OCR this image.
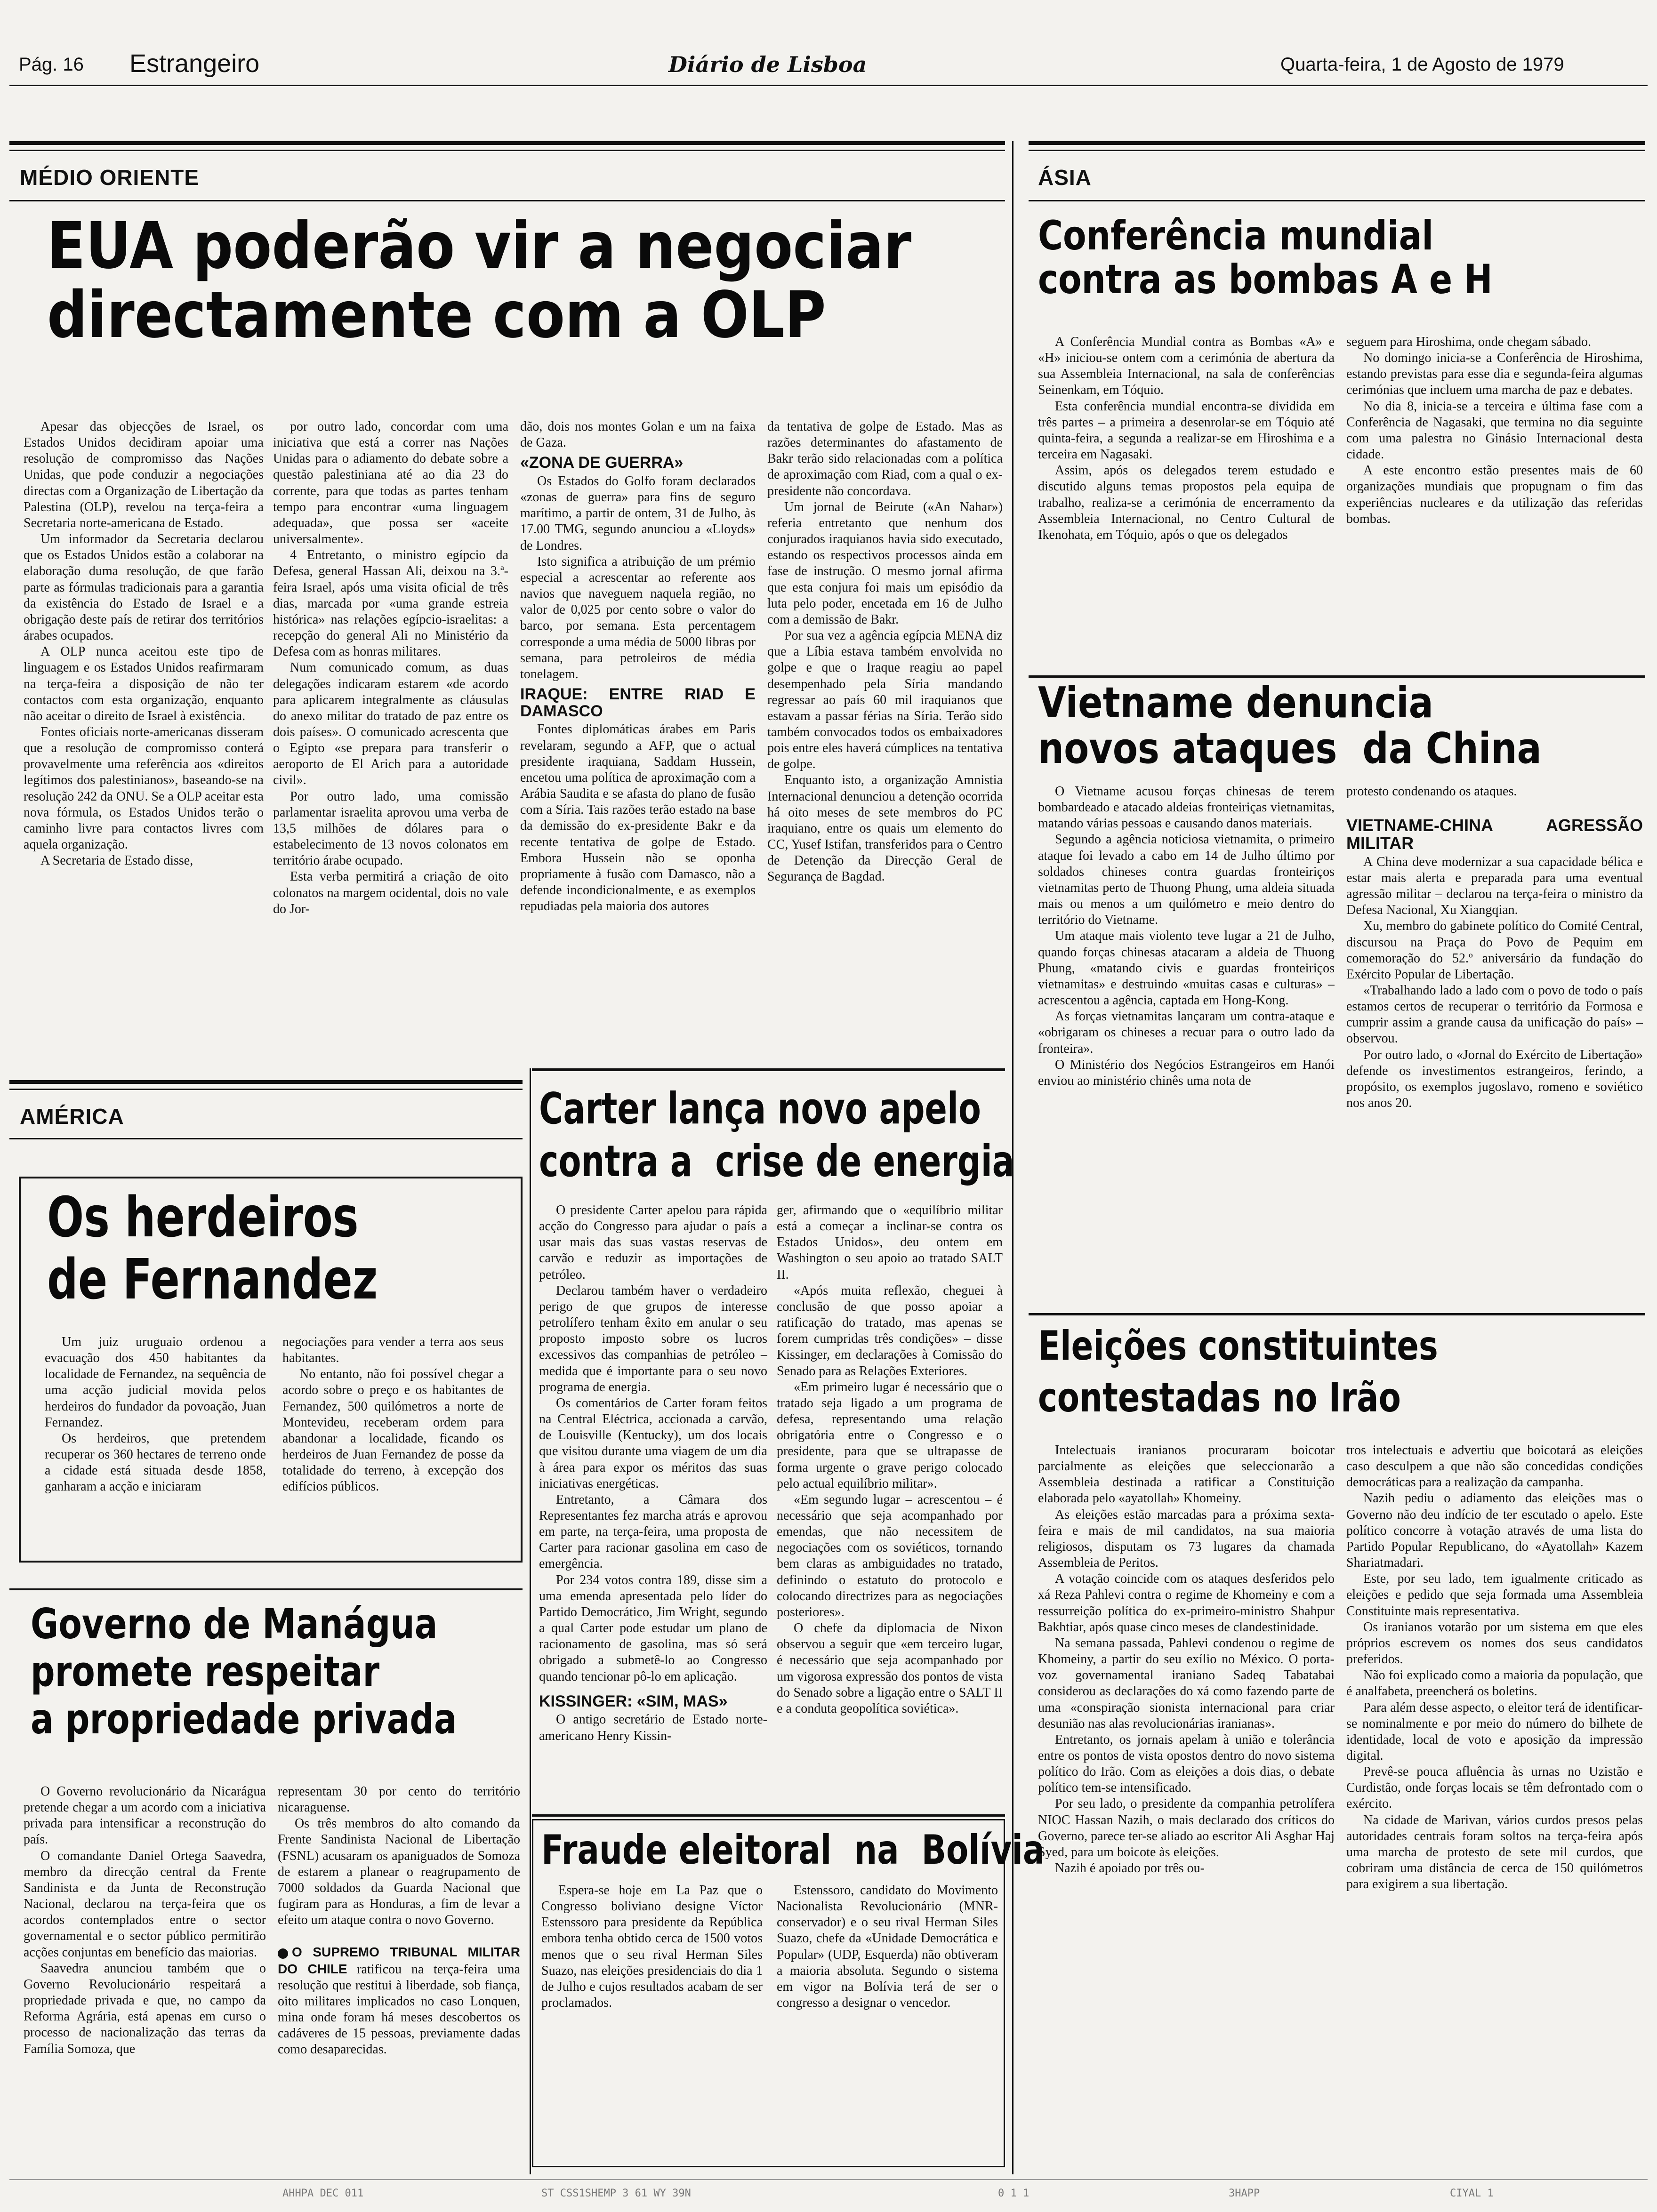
Pág. 16 Estrangeiro	Diário de Lisboa	Quarta-feira, 1 de Agosto de 1979
MÉDIO ORIENTE
EUA poderão vir a negociar
directamente com a OLP

Apesar das objecções de Israel, os Estados Unidos decidiram apoiar uma resolução de compromisso das Nações Unidas, que pode conduzir a negociações directas com a Organização de Libertação da Palestina (OLP), revelou na terça-feira a Secretaria norte-americana de Estado.

Um informador da Secretaria declarou que os Estados Unidos estão a colaborar na elaboração duma resolução, de que farão parte as fórmulas tradicionais para a garantia da existência do Estado de Israel e a obrigação deste país de retirar dos territórios árabes ocupados.

A OLP nunca aceitou este tipo de linguagem e os Estados Unidos reafirmaram na terça-feira a disposição de não ter contactos com esta organização, enquanto não aceitar o direito de Israel à existência.

Fontes oficiais norte-americanas disseram que a resolução de compromisso conterá provavelmente uma referência aos «direitos legítimos dos palestinianos», baseando-se na resolução 242 da ONU. Se a OLP aceitar esta nova fórmula, os Estados Unidos terão o caminho livre para contactos livres com aquela organização.

A Secretaria de Estado disse,

por outro lado, concordar com uma iniciativa que está a correr nas Nações Unidas para o adiamento do debate sobre a questão palestiniana até ao dia 23 do corrente, para que todas as partes tenham tempo para encontrar «uma linguagem adequada», que possa ser «aceite universalmente».

4 Entretanto, o ministro egípcio da Defesa, general Hassan Ali, deixou na 3.ª-feira Israel, após uma visita oficial de três dias, marcada por «uma grande estreia histórica» nas relações egípcio-israelitas: a recepção do general Ali no Ministério da Defesa com as honras militares.

Num comunicado comum, as duas delegações indicaram estarem «de acordo para aplicarem integralmente as cláusulas do anexo militar do tratado de paz entre os dois países». O comunicado acrescenta que o Egipto «se prepara para transferir o aeroporto de El Arich para a autoridade civil».

Por outro lado, uma comissão parlamentar israelita aprovou uma verba de 13,5 milhões de dólares para o estabelecimento de 13 novos colonatos em território árabe ocupado.

Esta verba permitirá a criação de oito colonatos na margem ocidental, dois no vale do Jor-

dão, dois nos montes Golan e um na faixa de Gaza.

«ZONA DE GUERRA»

Os Estados do Golfo foram declarados «zonas de guerra» para fins de seguro marítimo, a partir de ontem, 31 de Julho, às 17.00 TMG, segundo anunciou a «Lloyds» de Londres.

Isto significa a atribuição de um prémio especial a acrescentar ao referente aos navios que naveguem naquela região, no valor de 0,025 por cento sobre o valor do barco, por semana. Esta percentagem corresponde a uma média de 5000 libras por semana, para petroleiros de média tonelagem.

IRAQUE: ENTRE RIAD E DAMASCO

Fontes diplomáticas árabes em Paris revelaram, segundo a AFP, que o actual presidente iraquiana, Saddam Hussein, encetou uma política de aproximação com a Arábia Saudita e se afasta do plano de fusão com a Síria. Tais razões terão estado na base da demissão do ex-presidente Bakr e da recente tentativa de golpe de Estado. Embora Hussein não se oponha propriamente à fusão com Damasco, não a defende incondicionalmente, e as exemplos repudiadas pela maioria dos autores

da tentativa de golpe de Estado. Mas as razões determinantes do afastamento de Bakr terão sido relacionadas com a política de aproximação com Riad, com a qual o ex-presidente não concordava.

Um jornal de Beirute («An Nahar») referia entretanto que nenhum dos conjurados iraquianos havia sido executado, estando os respectivos processos ainda em fase de instrução. O mesmo jornal afirma que esta conjura foi mais um episódio da luta pelo poder, encetada em 16 de Julho com a demissão de Bakr.

Por sua vez a agência egípcia MENA diz que a Líbia estava também envolvida no golpe e que o Iraque reagiu ao papel desempenhado pela Síria mandando regressar ao país 60 mil iraquianos que estavam a passar férias na Síria. Terão sido também convocados todos os embaixadores pois entre eles haverá cúmplices na tentativa de golpe.

Enquanto isto, a organização Amnistia Internacional denunciou a detenção ocorrida há oito meses de sete membros do PC iraquiano, entre os quais um elemento do CC, Yusef Istifan, transferidos para o Centro de Detenção da Direcção Geral de Segurança de Bagdad.

ÁSIA
Conferência mundial
contra as bombas A e H

A Conferência Mundial contra as Bombas «A» e «H» iniciou-se ontem com a cerimónia de abertura da sua Assembleia Internacional, na sala de conferências Seinenkam, em Tóquio.

Esta conferência mundial encontra-se dividida em três partes – a primeira a desenrolar-se em Tóquio até quinta-feira, a segunda a realizar-se em Hiroshima e a terceira em Nagasaki.

Assim, após os delegados terem estudado e discutido alguns temas propostos pela equipa de trabalho, realiza-se a cerimónia de encerramento da Assembleia Internacional, no Centro Cultural de Ikenohata, em Tóquio, após o que os delegados

seguem para Hiroshima, onde chegam sábado.

No domingo inicia-se a Conferência de Hiroshima, estando previstas para esse dia e segunda-feira algumas cerimónias que incluem uma marcha de paz e debates.

No dia 8, inicia-se a terceira e última fase com a Conferência de Nagasaki, que termina no dia seguinte com uma palestra no Ginásio Internacional desta cidade.

A este encontro estão presentes mais de 60 organizações mundiais que propugnam o fim das experiências nucleares e da utilização das referidas bombas.

Vietname denuncia
novos ataques  da China

O Vietname acusou forças chinesas de terem bombardeado e atacado aldeias fronteiriças vietnamitas, matando várias pessoas e causando danos materiais.

Segundo a agência noticiosa vietnamita, o primeiro ataque foi levado a cabo em 14 de Julho último por soldados chineses contra guardas fronteiriços vietnamitas perto de Thuong Phung, uma aldeia situada mais ou menos a um quilómetro e meio dentro do território do Vietname.

Um ataque mais violento teve lugar a 21 de Julho, quando forças chinesas atacaram a aldeia de Thuong Phung, «matando civis e guardas fronteiriços vietnamitas» e destruindo «muitas casas e culturas» – acrescentou a agência, captada em Hong-Kong.

As forças vietnamitas lançaram um contra-ataque e «obrigaram os chineses a recuar para o outro lado da fronteira».

O Ministério dos Negócios Estrangeiros em Hanói enviou ao ministério chinês uma nota de

protesto condenando os ataques.

VIETNAME-CHINA AGRESSÃO MILITAR

A China deve modernizar a sua capacidade bélica e estar mais alerta e preparada para uma eventual agressão militar – declarou na terça-feira o ministro da Defesa Nacional, Xu Xiangqian.

Xu, membro do gabinete político do Comité Central, discursou na Praça do Povo de Pequim em comemoração do 52.º aniversário da fundação do Exército Popular de Libertação.

«Trabalhando lado a lado com o povo de todo o país estamos certos de recuperar o território da Formosa e cumprir assim a grande causa da unificação do país» – observou.

Por outro lado, o «Jornal do Exército de Libertação» defende os investimentos estrangeiros, ferindo, a propósito, os exemplos jugoslavo, romeno e soviético nos anos 20.

Eleições constituintes
contestadas no Irão

Intelectuais iranianos procuraram boicotar parcialmente as eleições que seleccionarão a Assembleia destinada a ratificar a Constituição elaborada pelo «ayatollah» Khomeiny.

As eleições estão marcadas para a próxima sexta-feira e mais de mil candidatos, na sua maioria religiosos, disputam os 73 lugares da chamada Assembleia de Peritos.

A votação coincide com os ataques desferidos pelo xá Reza Pahlevi contra o regime de Khomeiny e com a ressurreição política do ex-primeiro-ministro Shahpur Bakhtiar, após quase cinco meses de clandestinidade.

Na semana passada, Pahlevi condenou o regime de Khomeiny, a partir do seu exílio no México. O porta-voz governamental iraniano Sadeq Tabatabai considerou as declarações do xá como fazendo parte de uma «conspiração sionista internacional para criar desunião nas alas revolucionárias iranianas».

Entretanto, os jornais apelam à união e tolerância entre os pontos de vista opostos dentro do novo sistema político do Irão. Com as eleições a dois dias, o debate político tem-se intensificado.

Por seu lado, o presidente da companhia petrolífera NIOC Hassan Nazih, o mais declarado dos críticos do Governo, parece ter-se aliado ao escritor Ali Asghar Haj Syed, para um boicote às eleições.

Nazih é apoiado por três ou-

tros intelectuais e advertiu que boicotará as eleições caso desculpem a que não são concedidas condições democráticas para a realização da campanha.

Nazih pediu o adiamento das eleições mas o Governo não deu indício de ter escutado o apelo. Este político concorre à votação através de uma lista do Partido Popular Republicano, do «Ayatollah» Kazem Shariatmadari.

Este, por seu lado, tem igualmente criticado as eleições e pedido que seja formada uma Assembleia Constituinte mais representativa.

Os iranianos votarão por um sistema em que eles próprios escrevem os nomes dos seus candidatos preferidos.

Não foi explicado como a maioria da população, que é analfabeta, preencherá os boletins.

Para além desse aspecto, o eleitor terá de identificar-se nominalmente e por meio do número do bilhete de identidade, local de voto e aposição da impressão digital.

Prevê-se pouca afluência às urnas no Uzistão e Curdistão, onde forças locais se têm defrontado com o exército.

Na cidade de Marivan, vários curdos presos pelas autoridades centrais foram soltos na terça-feira após uma marcha de protesto de sete mil curdos, que cobriram uma distância de cerca de 150 quilómetros para exigirem a sua libertação.

AMÉRICA
Os herdeiros
de Fernandez

Um juiz uruguaio ordenou a evacuação dos 450 habitantes da localidade de Fernandez, na sequência de uma acção judicial movida pelos herdeiros do fundador da povoação, Juan Fernandez.

Os herdeiros, que pretendem recuperar os 360 hectares de terreno onde a cidade está situada desde 1858, ganharam a acção e iniciaram

negociações para vender a terra aos seus habitantes.

No entanto, não foi possível chegar a acordo sobre o preço e os habitantes de Fernandez, 500 quilómetros a norte de Montevideu, receberam ordem para abandonar a localidade, ficando os herdeiros de Juan Fernandez de posse da totalidade do terreno, à excepção dos edifícios públicos.

Governo de Manágua
promete respeitar
a propriedade privada

O Governo revolucionário da Nicarágua pretende chegar a um acordo com a iniciativa privada para intensificar a reconstrução do país.

O comandante Daniel Ortega Saavedra, membro da direcção central da Frente Sandinista e da Junta de Reconstrução Nacional, declarou na terça-feira que os acordos contemplados entre o sector governamental e o sector público permitirão acções conjuntas em benefício das maiorias.

Saavedra anunciou também que o Governo Revolucionário respeitará a propriedade privada e que, no campo da Reforma Agrária, está apenas em curso o processo de nacionalização das terras da Família Somoza, que

representam 30 por cento do território nicaraguense.

Os três membros do alto comando da Frente Sandinista Nacional de Libertação (FSNL) acusaram os apaniguados de Somoza de estarem a planear o reagrupamento de 7000 soldados da Guarda Nacional que fugiram para as Honduras, a fim de levar a efeito um ataque contra o novo Governo.

O SUPREMO TRIBUNAL MILITAR DO CHILE ratificou na terça-feira uma resolução que restitui à liberdade, sob fiança, oito militares implicados no caso Lonquen, mina onde foram há meses descobertos os cadáveres de 15 pessoas, previamente dadas como desaparecidas.

Carter lança novo apelo
contra a  crise de energia

O presidente Carter apelou para rápida acção do Congresso para ajudar o país a usar mais das suas vastas reservas de carvão e reduzir as importações de petróleo.

Declarou também haver o verdadeiro perigo de que grupos de interesse petrolífero tenham êxito em anular o seu proposto imposto sobre os lucros excessivos das companhias de petróleo – medida que é importante para o seu novo programa de energia.

Os comentários de Carter foram feitos na Central Eléctrica, accionada a carvão, de Louisville (Kentucky), um dos locais que visitou durante uma viagem de um dia à área para expor os méritos das suas iniciativas energéticas.

Entretanto, a Câmara dos Representantes fez marcha atrás e aprovou em parte, na terça-feira, uma proposta de Carter para racionar gasolina em caso de emergência.

Por 234 votos contra 189, disse sim a uma emenda apresentada pelo líder do Partido Democrático, Jim Wright, segundo a qual Carter pode estudar um plano de racionamento de gasolina, mas só será obrigado a submetê-lo ao Congresso quando tencionar pô-lo em aplicação.

KISSINGER: «SIM, MAS»

O antigo secretário de Estado norte-americano Henry Kissin-

ger, afirmando que o «equilíbrio militar está a começar a inclinar-se contra os Estados Unidos», deu ontem em Washington o seu apoio ao tratado SALT II.

«Após muita reflexão, cheguei à conclusão de que posso apoiar a ratificação do tratado, mas apenas se forem cumpridas três condições» – disse Kissinger, em declarações à Comissão do Senado para as Relações Exteriores.

«Em primeiro lugar é necessário que o tratado seja ligado a um programa de defesa, representando uma relação obrigatória entre o Congresso e o presidente, para que se ultrapasse de forma urgente o grave perigo colocado pelo actual equilíbrio militar».

«Em segundo lugar – acrescentou – é necessário que seja acompanhado por emendas, que não necessitem de negociações com os soviéticos, tornando bem claras as ambiguidades no tratado, definindo o estatuto do protocolo e colocando directrizes para as negociações posteriores».

O chefe da diplomacia de Nixon observou a seguir que «em terceiro lugar, é necessário que seja acompanhado por um vigorosa expressão dos pontos de vista do Senado sobre a ligação entre o SALT II e a conduta geopolítica soviética».

Fraude eleitoral  na  Bolívia

Espera-se hoje em La Paz que o Congresso boliviano designe Víctor Estenssoro para presidente da República embora tenha obtido cerca de 1500 votos menos que o seu rival Herman Siles Suazo, nas eleições presidenciais do dia 1 de Julho e cujos resultados acabam de ser proclamados.

Estenssoro, candidato do Movimento Nacionalista Revolucionário (MNR-conservador) e o seu rival Herman Siles Suazo, chefe da «Unidade Democrática e Popular» (UDP, Esquerda) não obtiveram a maioria absoluta. Segundo o sistema em vigor na Bolívia terá de ser o congresso a designar o vencedor.

AHHPA DEC 011	ST CSS1SHEMP 3 61 WY 39N	0 1 1	3HAPP	CIYAL 1
